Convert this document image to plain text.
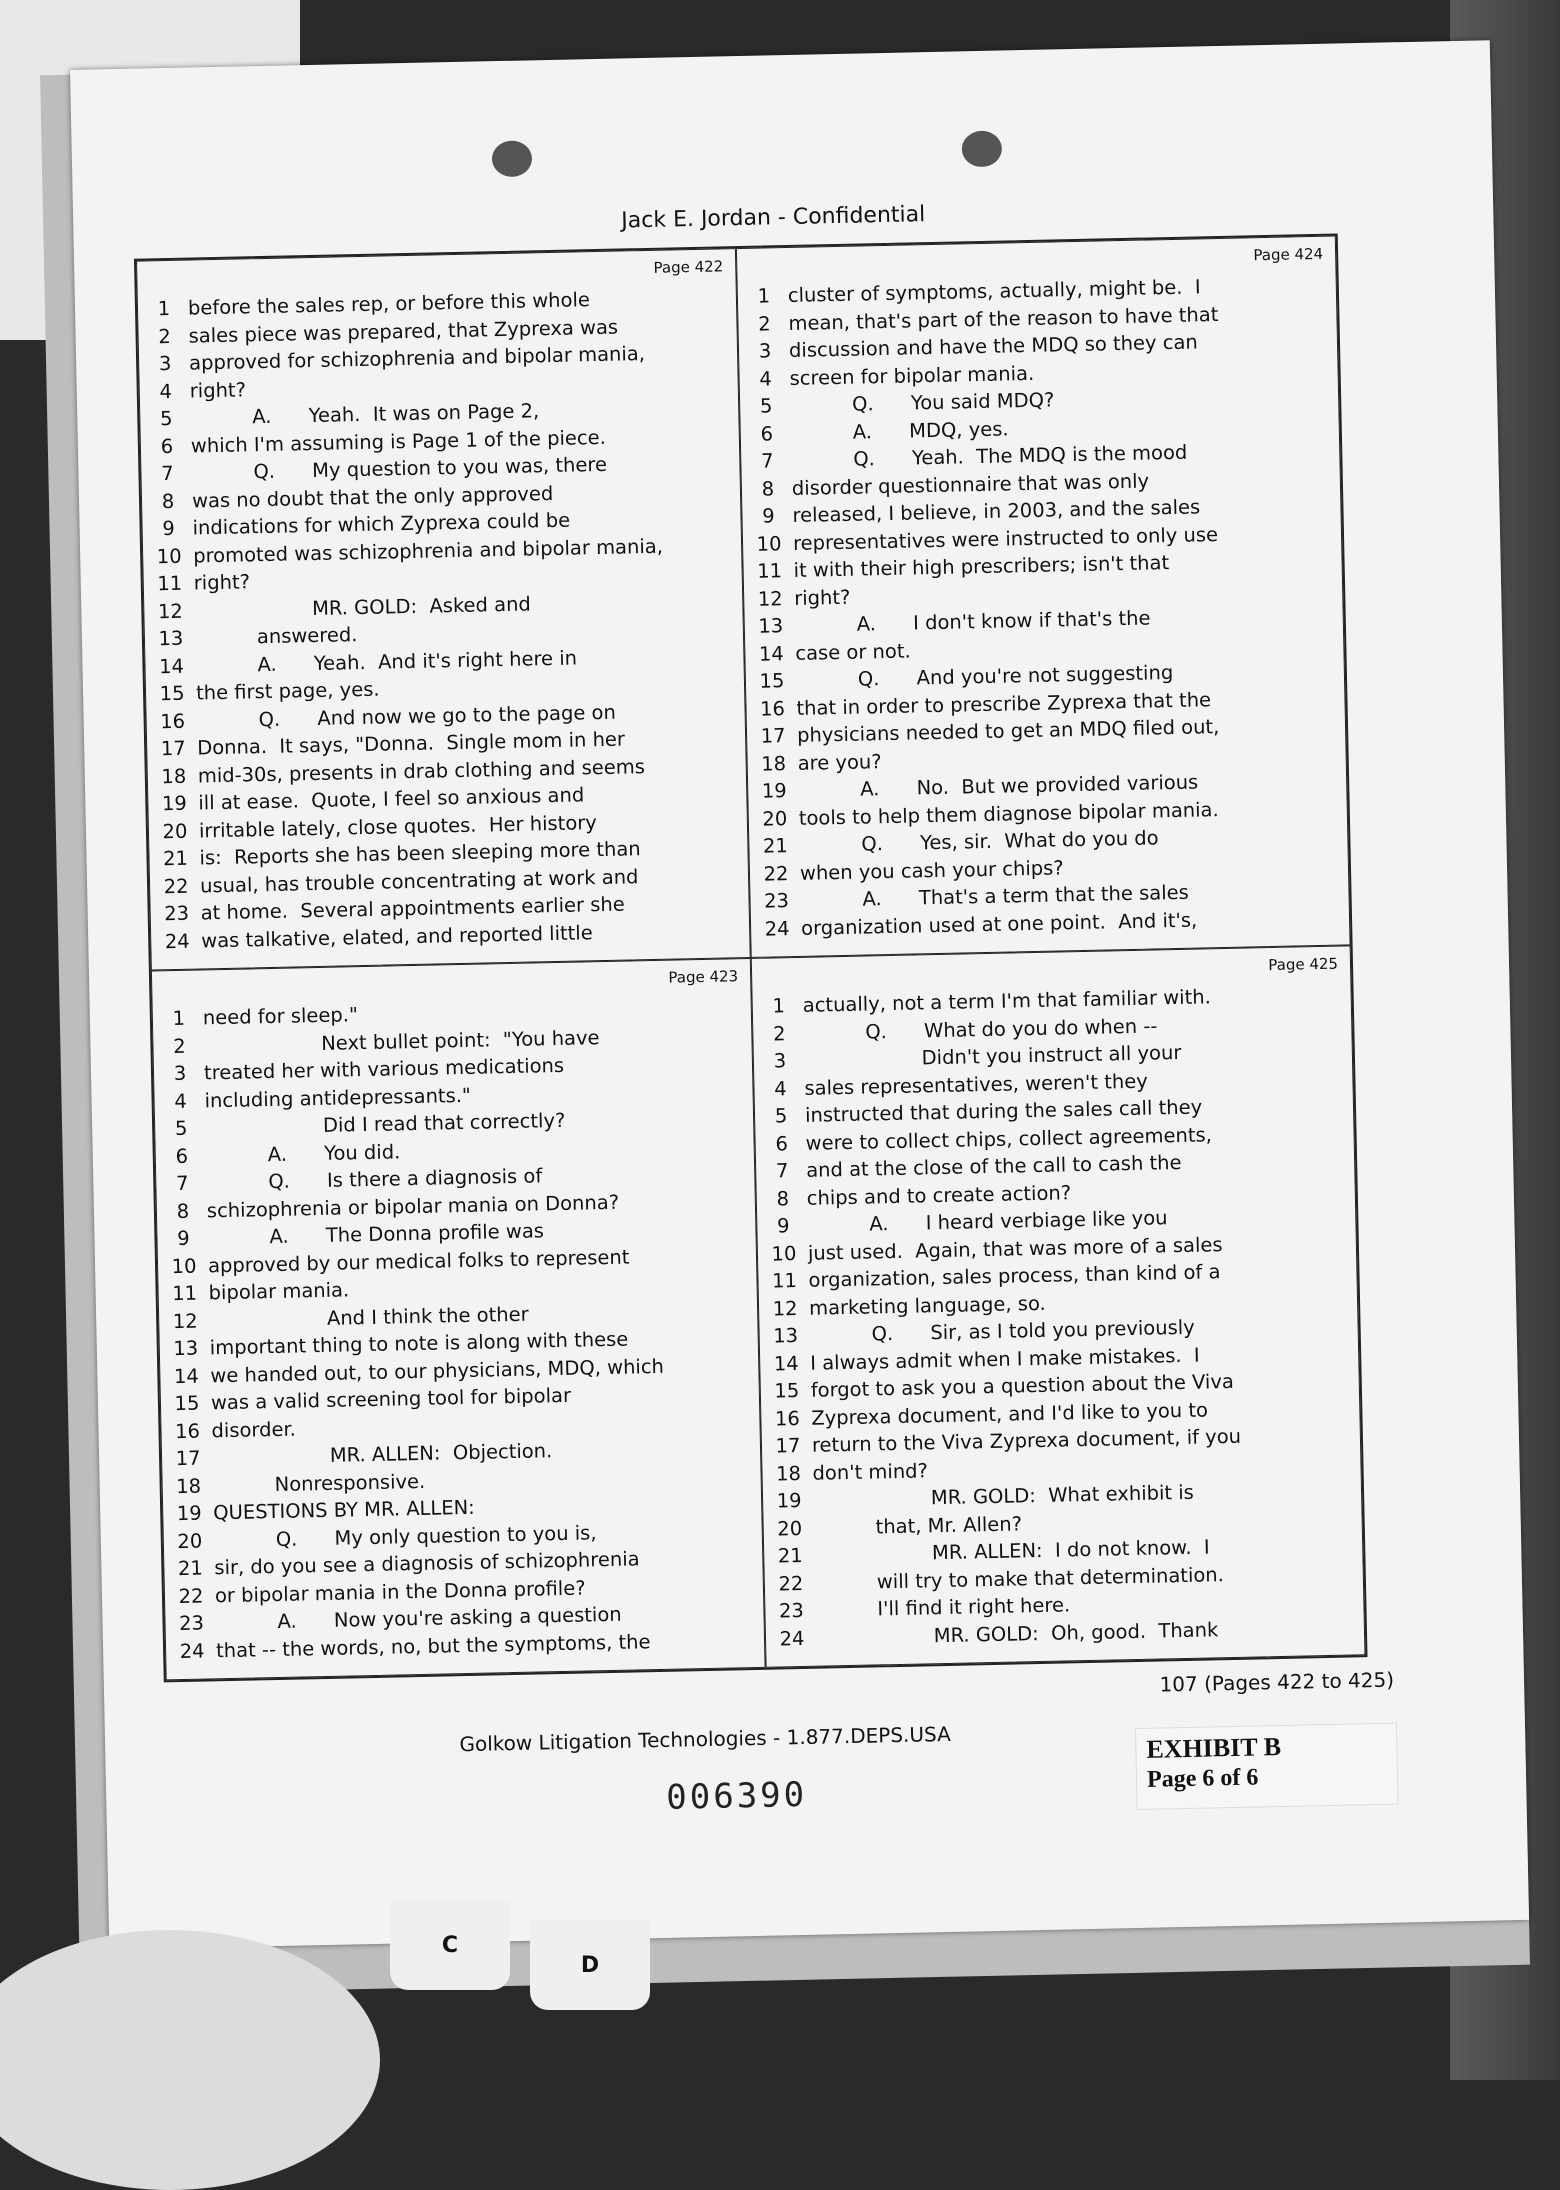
Jack E. Jordan - Confidential
Page 422
1 before the sales rep, or before this whole
2 sales piece was prepared, that Zyprexa was
3 approved for schizophrenia and bipolar mania,
4 right?
5 A.      Yeah.  It was on Page 2,
6 which I'm assuming is Page 1 of the piece.
7 Q.      My question to you was, there
8 was no doubt that the only approved
9 indications for which Zyprexa could be
10 promoted was schizophrenia and bipolar mania,
11 right?
12 MR. GOLD:  Asked and
13 answered.
14 A.      Yeah.  And it's right here in
15 the first page, yes.
16 Q.      And now we go to the page on
17 Donna.  It says, "Donna.  Single mom in her
18 mid-30s, presents in drab clothing and seems
19 ill at ease.  Quote, I feel so anxious and
20 irritable lately, close quotes.  Her history
21 is:  Reports she has been sleeping more than
22 usual, has trouble concentrating at work and
23 at home.  Several appointments earlier she
24 was talkative, elated, and reported little
Page 424
1 cluster of symptoms, actually, might be.  I
2 mean, that's part of the reason to have that
3 discussion and have the MDQ so they can
4 screen for bipolar mania.
5 Q.      You said MDQ?
6 A.      MDQ, yes.
7 Q.      Yeah.  The MDQ is the mood
8 disorder questionnaire that was only
9 released, I believe, in 2003, and the sales
10 representatives were instructed to only use
11 it with their high prescribers; isn't that
12 right?
13 A.      I don't know if that's the
14 case or not.
15 Q.      And you're not suggesting
16 that in order to prescribe Zyprexa that the
17 physicians needed to get an MDQ filed out,
18 are you?
19 A.      No.  But we provided various
20 tools to help them diagnose bipolar mania.
21 Q.      Yes, sir.  What do you do
22 when you cash your chips?
23 A.      That's a term that the sales
24 organization used at one point.  And it's,
Page 423
1 need for sleep."
2 Next bullet point:  "You have
3 treated her with various medications
4 including antidepressants."
5 Did I read that correctly?
6 A.      You did.
7 Q.      Is there a diagnosis of
8 schizophrenia or bipolar mania on Donna?
9 A.      The Donna profile was
10 approved by our medical folks to represent
11 bipolar mania.
12 And I think the other
13 important thing to note is along with these
14 we handed out, to our physicians, MDQ, which
15 was a valid screening tool for bipolar
16 disorder.
17 MR. ALLEN:  Objection.
18 Nonresponsive.
19 QUESTIONS BY MR. ALLEN:
20 Q.      My only question to you is,
21 sir, do you see a diagnosis of schizophrenia
22 or bipolar mania in the Donna profile?
23 A.      Now you're asking a question
24 that -- the words, no, but the symptoms, the
Page 425
1 actually, not a term I'm that familiar with.
2 Q.      What do you do when --
3 Didn't you instruct all your
4 sales representatives, weren't they
5 instructed that during the sales call they
6 were to collect chips, collect agreements,
7 and at the close of the call to cash the
8 chips and to create action?
9 A.      I heard verbiage like you
10 just used.  Again, that was more of a sales
11 organization, sales process, than kind of a
12 marketing language, so.
13 Q.      Sir, as I told you previously
14 I always admit when I make mistakes.  I
15 forgot to ask you a question about the Viva
16 Zyprexa document, and I'd like to you to
17 return to the Viva Zyprexa document, if you
18 don't mind?
19 MR. GOLD:  What exhibit is
20 that, Mr. Allen?
21 MR. ALLEN:  I do not know.  I
22 will try to make that determination.
23 I'll find it right here.
24 MR. GOLD:  Oh, good.  Thank
107 (Pages 422 to 425)
Golkow Litigation Technologies - 1.877.DEPS.USA
006390
EXHIBIT B
Page 6 of 6
C
D
